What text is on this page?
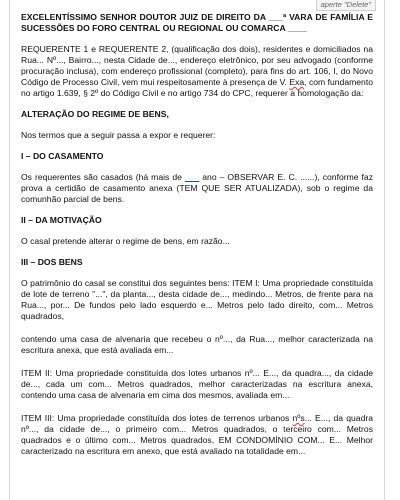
aperte "Delete"
EXCELENTÍSSIMO SENHOR DOUTOR JUIZ DE DIREITO DA ___ª VARA DE FAMÍLIA E SUCESSÕES DO FORO CENTRAL OU REGIONAL OU COMARCA ____

REQUERENTE 1 e REQUERENTE 2, (qualificação dos dois), residentes e domiciliados na Rua... Nº..., Bairro..., nesta Cidade de..., endereço eletrônico, por seu advogado (conforme procuração inclusa), com endereço profissional (completo), para fins do art. 106, I, do Novo Código de Processo Civil, vem mui respeitosamente à presença de V. Exa, com fundamento no artigo 1.639, § 2º do Código Civil e no artigo 734 do CPC, requerer a homologação da:

ALTERAÇÃO DO REGIME DE BENS,

Nos termos que a seguir passa a expor e requerer:

I – DO CASAMENTO

Os requerentes são casados (há mais de ___ ano – OBSERVAR E. C. ......), conforme faz prova a certidão de casamento anexa (TEM QUE SER ATUALIZADA), sob o regime da comunhão parcial de bens.

II – DA MOTIVAÇÃO

O casal pretende alterar o regime de bens, em razão...

III – DOS BENS

O patrimônio do casal se constitui dos seguintes bens: ITEM I: Uma propriedade constituída de lote de terreno "...", da planta..., desta cidade de..., medindo... Metros, de frente para na Rua..., por... De fundos pelo lado esquerdo e... Metros pelo lado direito, com... Metros quadrados,

contendo uma casa de alvenaria que recebeu o nº..., da Rua..., melhor caracterizada na escritura anexa, que está avaliada em...

ITEM II: Uma propriedade constituída dos lotes urbanos nº... E..., da quadra..., da cidade de..., cada um com... Metros quadrados, melhor caracterizadas na escritura anexa, contendo uma casa de alvenaria em cima dos mesmos, avaliada em...

ITEM III: Uma propriedade constituída dos lotes de terrenos urbanos nºs... E..., da quadra nº..., da cidade de..., o primeiro com... Metros quadrados, o terceiro com... Metros quadrados e o último com... Metros quadrados, EM CONDOMÍNIO COM... E... Melhor caracterizado na escritura em anexo, que está avaliado na totalidade em...
